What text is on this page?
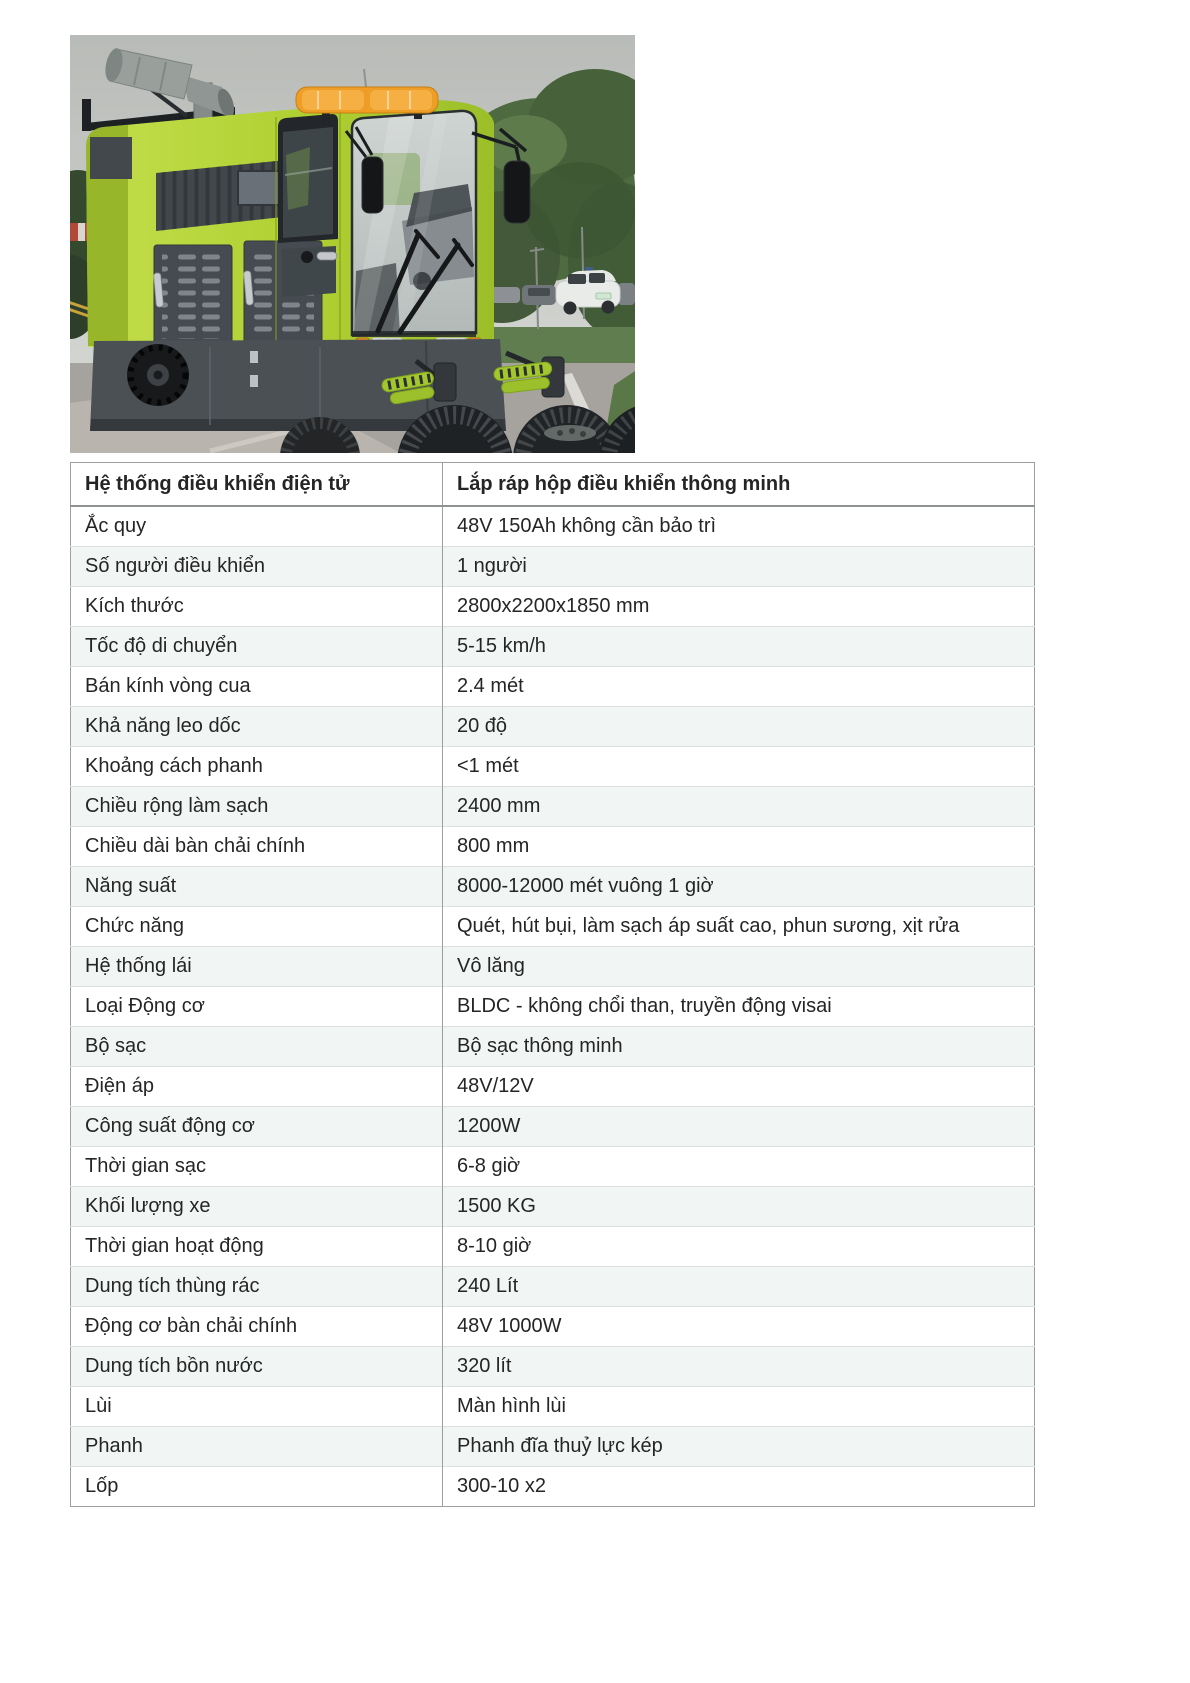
Hệ thống điều khiển điện tử	Lắp ráp hộp điều khiển thông minh
Ắc quy	48V 150Ah không cần bảo trì
Số người điều khiển	1 người
Kích thước	2800x2200x1850 mm
Tốc độ di chuyển	5-15 km/h
Bán kính vòng cua	2.4 mét
Khả năng leo dốc	20 độ
Khoảng cách phanh	<1 mét
Chiều rộng làm sạch	2400 mm
Chiều dài bàn chải chính	800 mm
Năng suất	8000-12000 mét vuông 1 giờ
Chức năng	Quét, hút bụi, làm sạch áp suất cao, phun sương, xịt rửa
Hệ thống lái	Vô lăng
Loại Động cơ	BLDC - không chổi than, truyền động visai
Bộ sạc	Bộ sạc thông minh
Điện áp	48V/12V
Công suất động cơ	1200W
Thời gian sạc	6-8 giờ
Khối lượng xe	1500 KG
Thời gian hoạt động	8-10 giờ
Dung tích thùng rác	240 Lít
Động cơ bàn chải chính	48V 1000W
Dung tích bồn nước	320 lít
Lùi	Màn hình lùi
Phanh	Phanh đĩa thuỷ lực kép
Lốp	300-10 x2
